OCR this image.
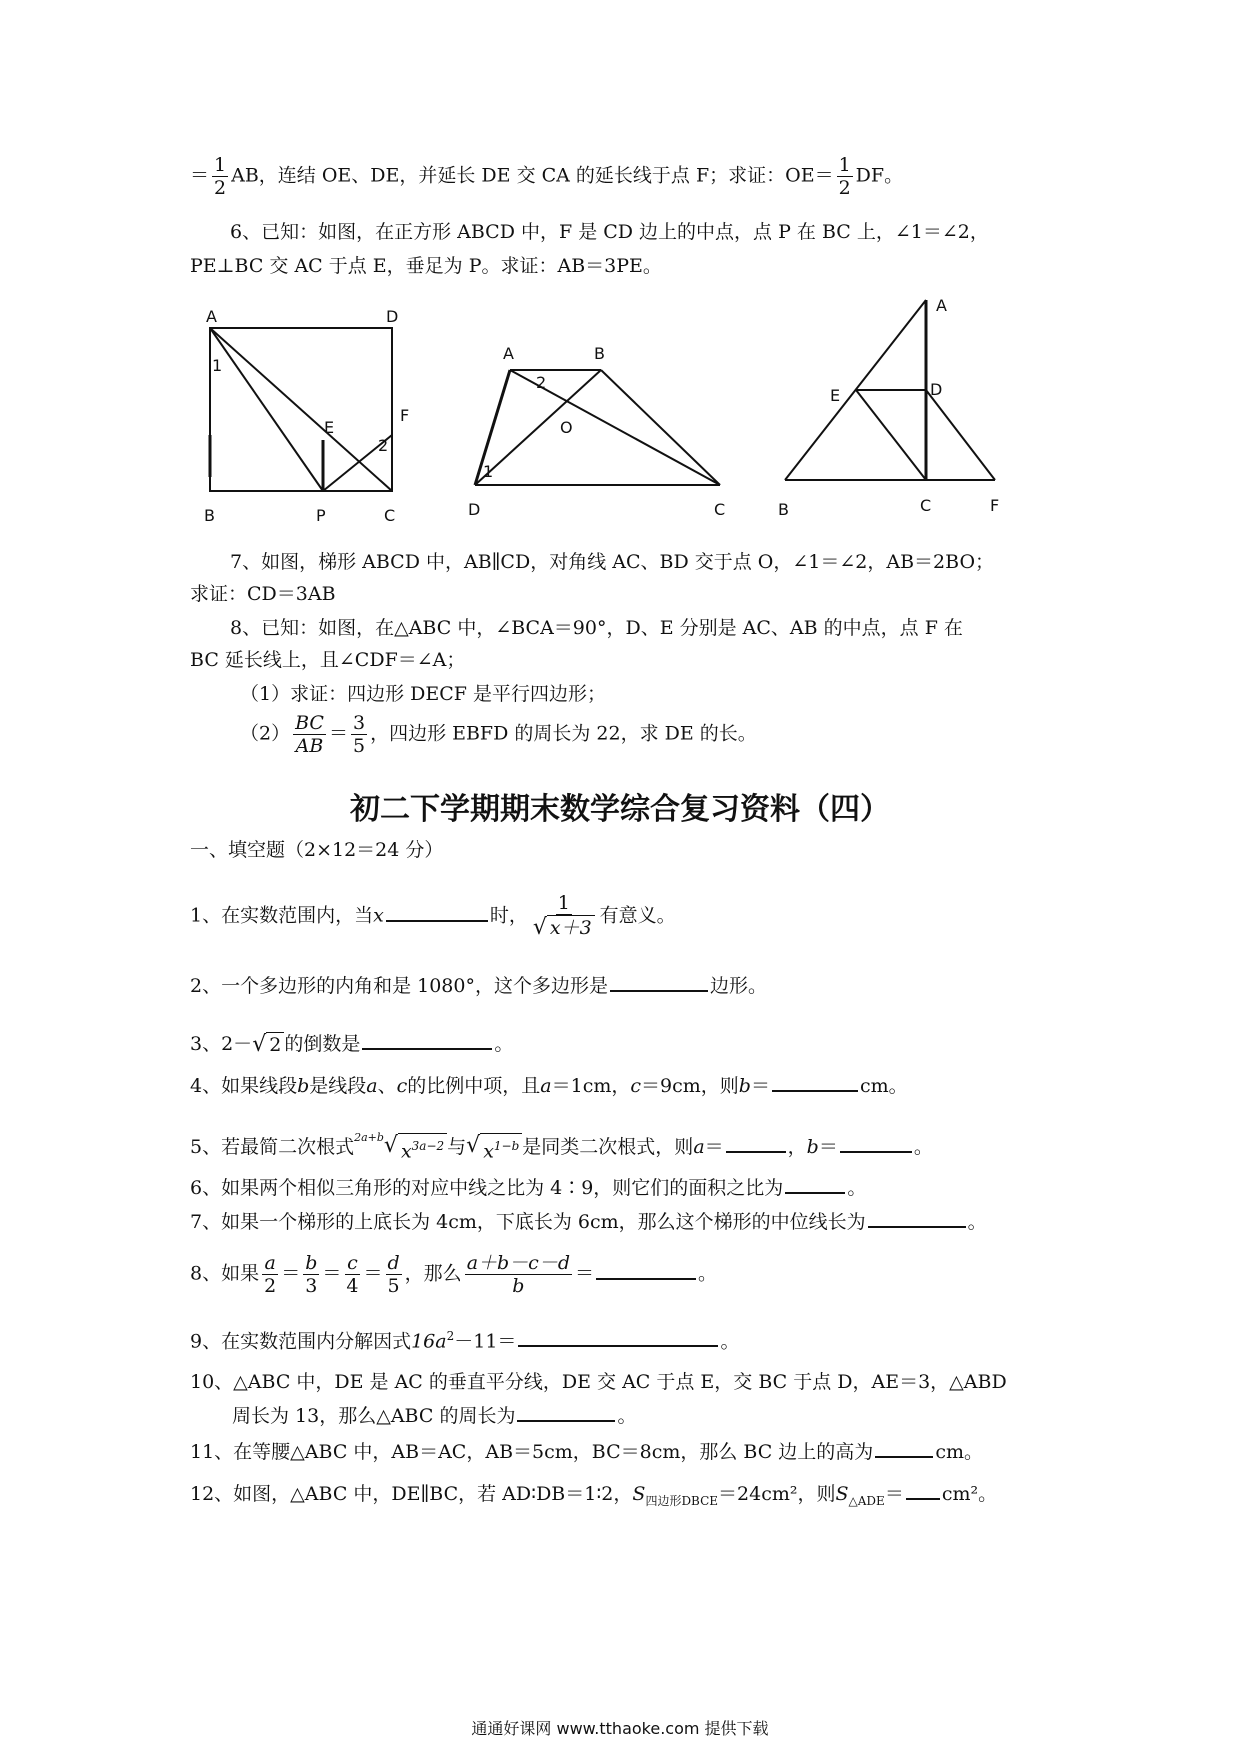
＝ $\frac{1}{2}$ AB，连结 OE、DE，并延长 DE 交 CA 的延长线于点 F；求证：$OE= \frac{1}{2}$ DF。
6、已知：如图，在正方形 ABCD 中，F 是 CD 边上的中点，点 P 在 BC 上，∠1＝∠2，
PE⊥BC 交 AC 于点 E，垂足为 P。求证：AB＝3PE。
A	D
B	P	C
E
F
1
2
A	B
D	C
O
1
2
A
E	D
B	C	F
7、如图，梯形 ABCD 中，AB∥CD，对角线 AC、BD 交于点 O，∠1＝∠2，AB＝2BO；
求证：CD＝3AB
8、已知：如图，在△ABC 中，∠BCA＝90°，D、E 分别是 AC、AB 的中点，点 F 在
BC 延长线上，且∠CDF＝∠A；
（1）求证：四边形 DECF 是平行四边形；
$(2) \frac{BC}{AB} = \frac{3}{5}$ ，四边形 EBFD 的周长为 22，求 DE 的长。
初二下学期期末数学综合复习资料（四）
一、填空题（2×12＝24 分）
1、在实数范围内，当x	时， $\frac{1}{√ x+3}$ 有意义。
2、一个多边形的内角和是 1080°，这个多边形是	边形。
3、2－ √ 2 的倒数是	。
4、如果线段b是线段a、c的比例中项，且a＝1cm，c＝9cm，则b＝	cm。
5、若最简二次根式$^{2a+b}$ √ $x^{3a-2}$ 与 √ $x^{1-b}$ 是同类二次根式，则a＝	，b＝	。
6、如果两个相似三角形的对应中线之比为 4∶9，则它们的面积之比为	。
7、如果一个梯形的上底长为 4cm，下底长为 6cm，那么这个梯形的中位线长为	。
8、如果 $\frac{a}{2} = \frac{b}{3} = \frac{c}{4} = \frac{d}{5}$ ，那么 $\frac{a+b-c-d}{b}$ ＝	。
9、在实数范围内分解因式$16a^2-11=$	。
10、△ABC 中，DE 是 AC 的垂直平分线，DE 交 AC 于点 E，交 BC 于点 D，AE＝3，△ABD
周长为 13，那么△ABC 的周长为	。
11、在等腰△ABC 中，AB＝AC，AB＝5cm，BC＝8cm，那么 BC 边上的高为	cm。
12、如图，△ABC 中，DE∥BC，若 AD∶DB＝1∶2，$S_{四边形DBCE}=24cm^2$，则$S_{\triangle ADE}= cm^2$。
通通好课网 www.tthaoke.com 提供下载
